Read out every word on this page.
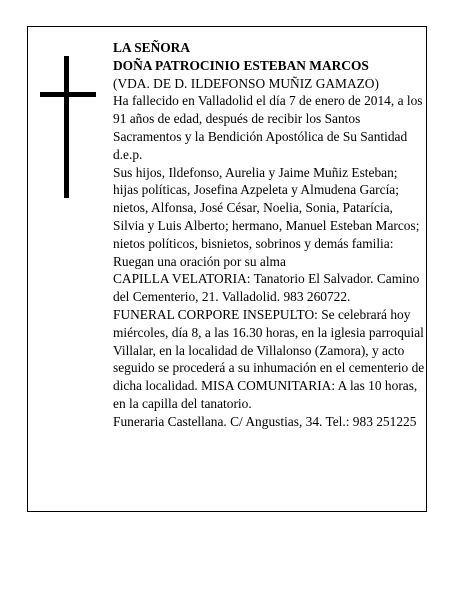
LA SEÑORA

DOÑA PATROCINIO ESTEBAN MARCOS

(VDA. DE D. ILDEFONSO MUÑIZ GAMAZO)

Ha fallecido en Valladolid el día 7 de enero de 2014, a los 91 años de edad, después de recibir los Santos Sacramentos y la Bendición Apostólica de Su Santidad

d.e.p.

Sus hijos, Ildefonso, Aurelia y Jaime Muñiz Esteban; hijas políticas, Josefina Azpeleta y Almudena García; nietos, Alfonsa, José César, Noelia, Sonia, Patarícia, Silvia y Luis Alberto; hermano, Manuel Esteban Marcos; nietos políticos, bisnietos, sobrinos y demás familia:

Ruegan una oración por su alma

CAPILLA VELATORIA: Tanatorio El Salvador. Camino del Cementerio, 21. Valladolid. 983 260722.

FUNERAL CORPORE INSEPULTO: Se celebrará hoy miércoles, día 8, a las 16.30 horas, en la iglesia parroquial Villalar, en la localidad de Villalonso (Zamora), y acto seguido se procederá a su inhumación en el cementerio de dicha localidad. MISA COMUNITARIA: A las 10 horas, en la capilla del tanatorio.

Funeraria Castellana. C/ Angustias, 34. Tel.: 983 251225
